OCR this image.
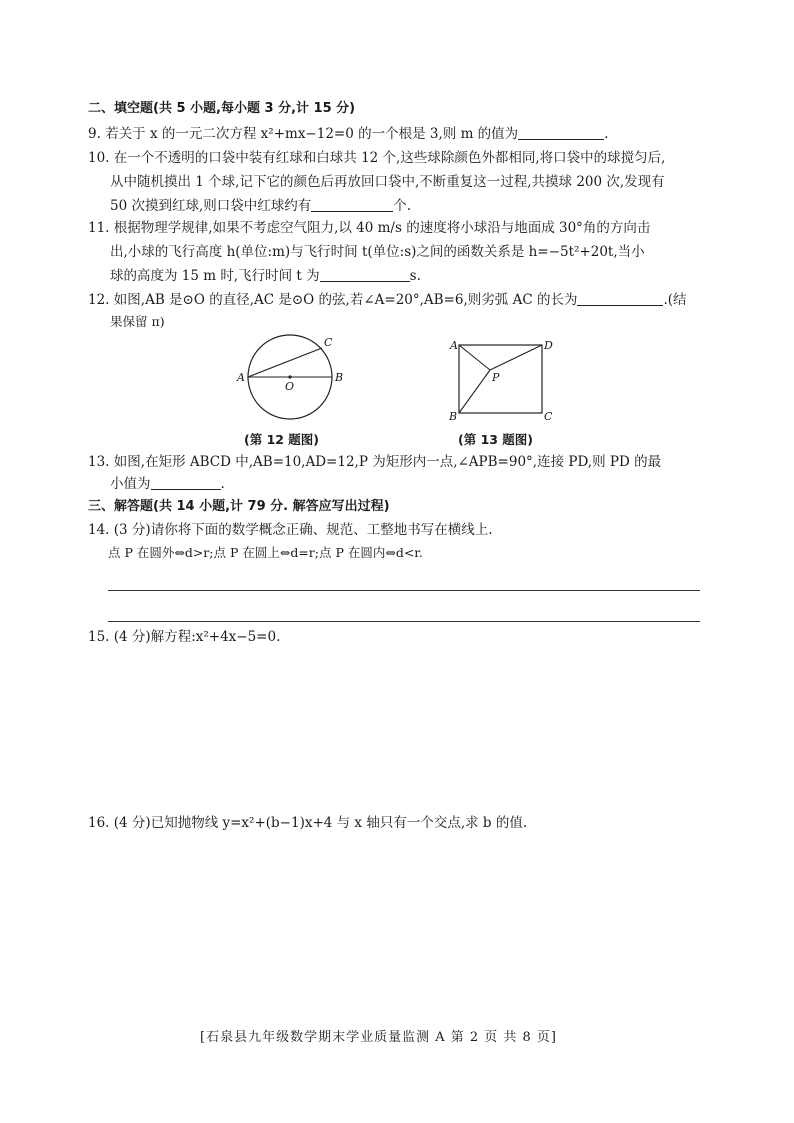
二、填空题(共 5 小题,每小题 3 分,计 15 分)
9. 若关于 x 的一元二次方程 x²+mx−12=0 的一个根是 3,则 m 的值为	.
10. 在一个不透明的口袋中装有红球和白球共 12 个,这些球除颜色外都相同,将口袋中的球搅匀后,
从中随机摸出 1 个球,记下它的颜色后再放回口袋中,不断重复这一过程,共摸球 200 次,发现有
50 次摸到红球,则口袋中红球约有	个.
11. 根据物理学规律,如果不考虑空气阻力,以 40 m/s 的速度将小球沿与地面成 30°角的方向击
出,小球的飞行高度 h(单位:m)与飞行时间 t(单位:s)之间的函数关系是 h=−5t²+20t,当小
球的高度为 15 m 时,飞行时间 t 为	s.
12. 如图,AB 是⊙O 的直径,AC 是⊙O 的弦,若∠A=20°,AB=6,则劣弧 AC 的长为	.(结
果保留 π)
A	B
C
O
(第 12 题图)
A	D
B	C
P
(第 13 题图)
13. 如图,在矩形 ABCD 中,AB=10,AD=12,P 为矩形内一点,∠APB=90°,连接 PD,则 PD 的最
小值为	.
三、解答题(共 14 小题,计 79 分. 解答应写出过程)
14. (3 分)请你将下面的数学概念正确、规范、工整地书写在横线上.
点 P 在圆外⇔d>r;点 P 在圆上⇔d=r;点 P 在圆内⇔d<r.
15. (4 分)解方程:x²+4x−5=0.
16. (4 分)已知抛物线 y=x²+(b−1)x+4 与 x 轴只有一个交点,求 b 的值.
[石泉县九年级数学期末学业质量监测 A 第 2 页 共 8 页]
